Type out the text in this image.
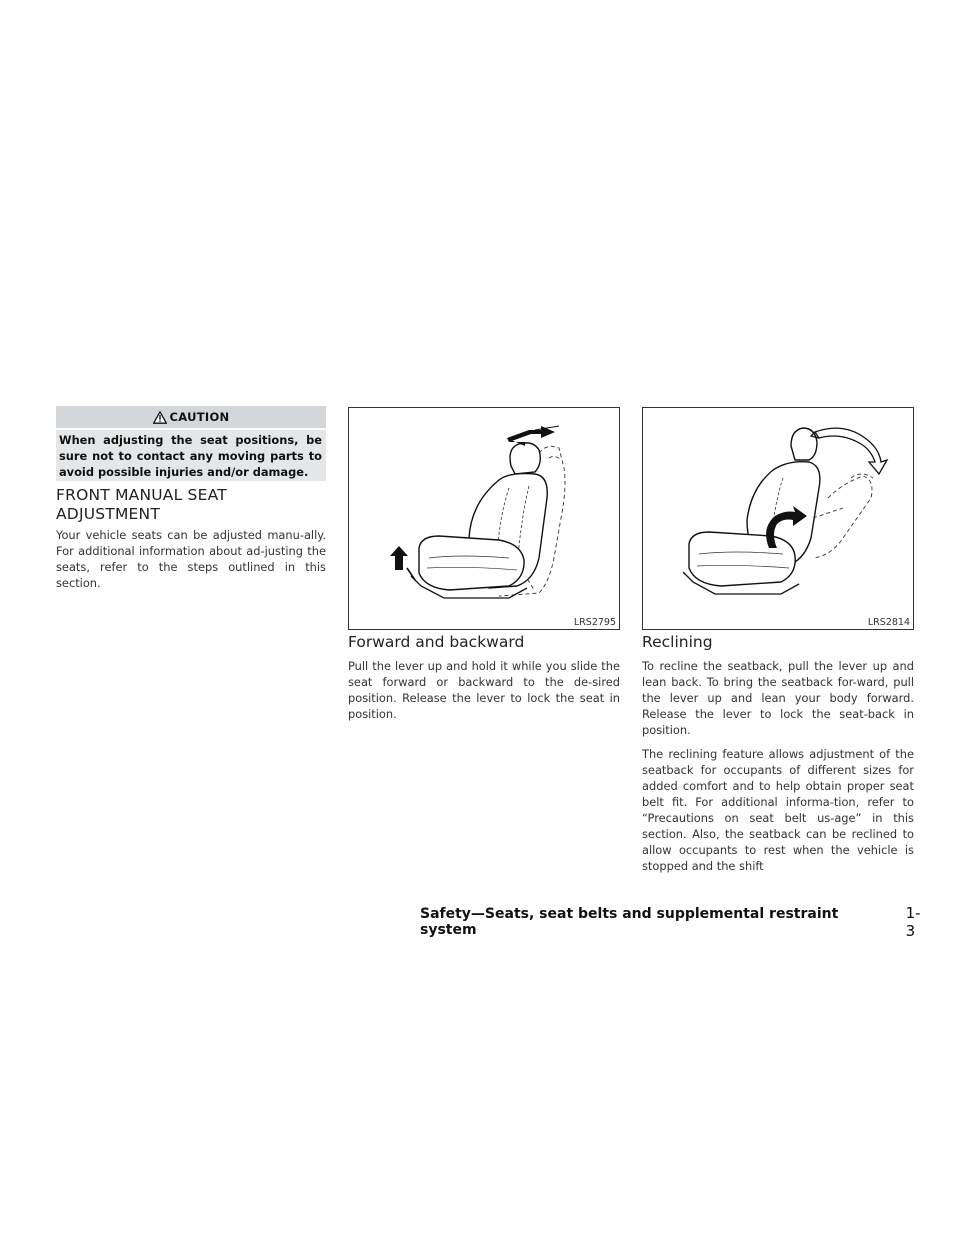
CAUTION

When adjusting the seat positions, be sure not to contact any moving parts to avoid possible injuries and/or damage.

FRONT MANUAL SEAT ADJUSTMENT

Your vehicle seats can be adjusted manu-ally. For additional information about ad-justing the seats, refer to the steps outlined in this section.

LRS2795
Forward and backward

Pull the lever up and hold it while you slide the seat forward or backward to the de-sired position. Release the lever to lock the seat in position.

LRS2814
Reclining

To recline the seatback, pull the lever up and lean back. To bring the seatback for-ward, pull the lever up and lean your body forward. Release the lever to lock the seat-back in position.

The reclining feature allows adjustment of the seatback for occupants of different sizes for added comfort and to help obtain proper seat belt fit. For additional informa-tion, refer to “Precautions on seat belt us-age” in this section. Also, the seatback can be reclined to allow occupants to rest when the vehicle is stopped and the shift

Safety—Seats, seat belts and supplemental restraint system
1-3
